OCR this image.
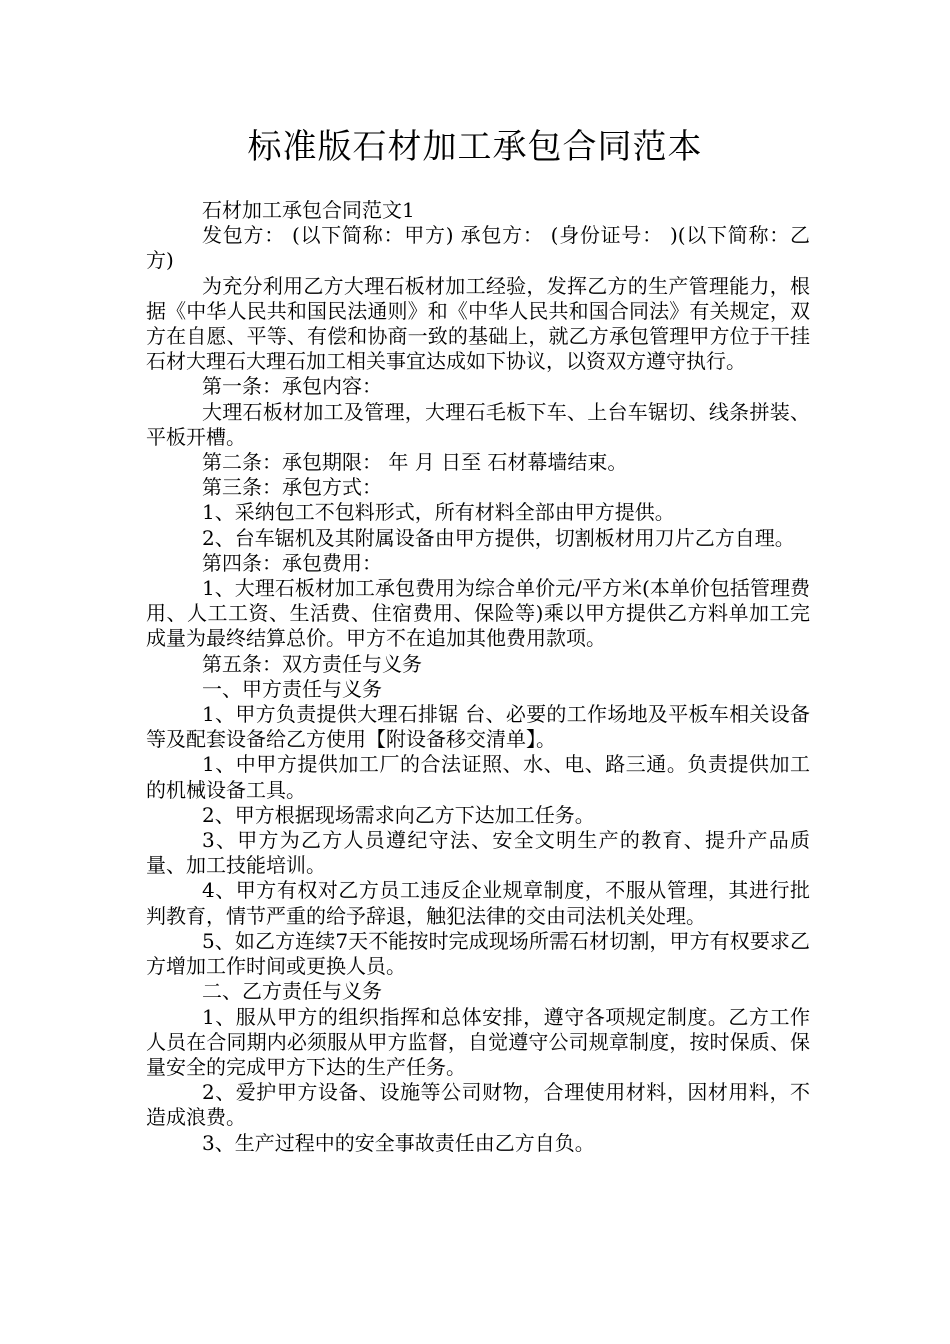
标准版石材加工承包合同范本

石材加工承包合同范文1

发包方： (以下简称：甲方) 承包方： (身份证号： )(以下简称：乙方)

为充分利用乙方大理石板材加工经验，发挥乙方的生产管理能力，根据《中华人民共和国民法通则》和《中华人民共和国合同法》有关规定，双方在自愿、平等、有偿和协商一致的基础上，就乙方承包管理甲方位于干挂石材大理石大理石加工相关事宜达成如下协议，以资双方遵守执行。

第一条：承包内容：

大理石板材加工及管理，大理石毛板下车、上台车锯切、线条拼装、平板开槽。

第二条：承包期限： 年 月 日至 石材幕墙结束。

第三条：承包方式：

1、采纳包工不包料形式，所有材料全部由甲方提供。

2、台车锯机及其附属设备由甲方提供，切割板材用刀片乙方自理。

第四条：承包费用：

1、大理石板材加工承包费用为综合单价元/平方米(本单价包括管理费用、人工工资、生活费、住宿费用、保险等)乘以甲方提供乙方料单加工完成量为最终结算总价。甲方不在追加其他费用款项。

第五条：双方责任与义务

一、甲方责任与义务

1、甲方负责提供大理石排锯 台、必要的工作场地及平板车相关设备等及配套设备给乙方使用【附设备移交清单】。

1、中甲方提供加工厂的合法证照、水、电、路三通。负责提供加工的机械设备工具。

2、甲方根据现场需求向乙方下达加工任务。

3、甲方为乙方人员遵纪守法、安全文明生产的教育、提升产品质量、加工技能培训。

4、甲方有权对乙方员工违反企业规章制度，不服从管理，其进行批判教育，情节严重的给予辞退，触犯法律的交由司法机关处理。

5、如乙方连续7天不能按时完成现场所需石材切割，甲方有权要求乙方增加工作时间或更换人员。

二、乙方责任与义务

1、服从甲方的组织指挥和总体安排，遵守各项规定制度。乙方工作人员在合同期内必须服从甲方监督，自觉遵守公司规章制度，按时保质、保量安全的完成甲方下达的生产任务。

2、爱护甲方设备、设施等公司财物，合理使用材料，因材用料，不造成浪费。

3、生产过程中的安全事故责任由乙方自负。
